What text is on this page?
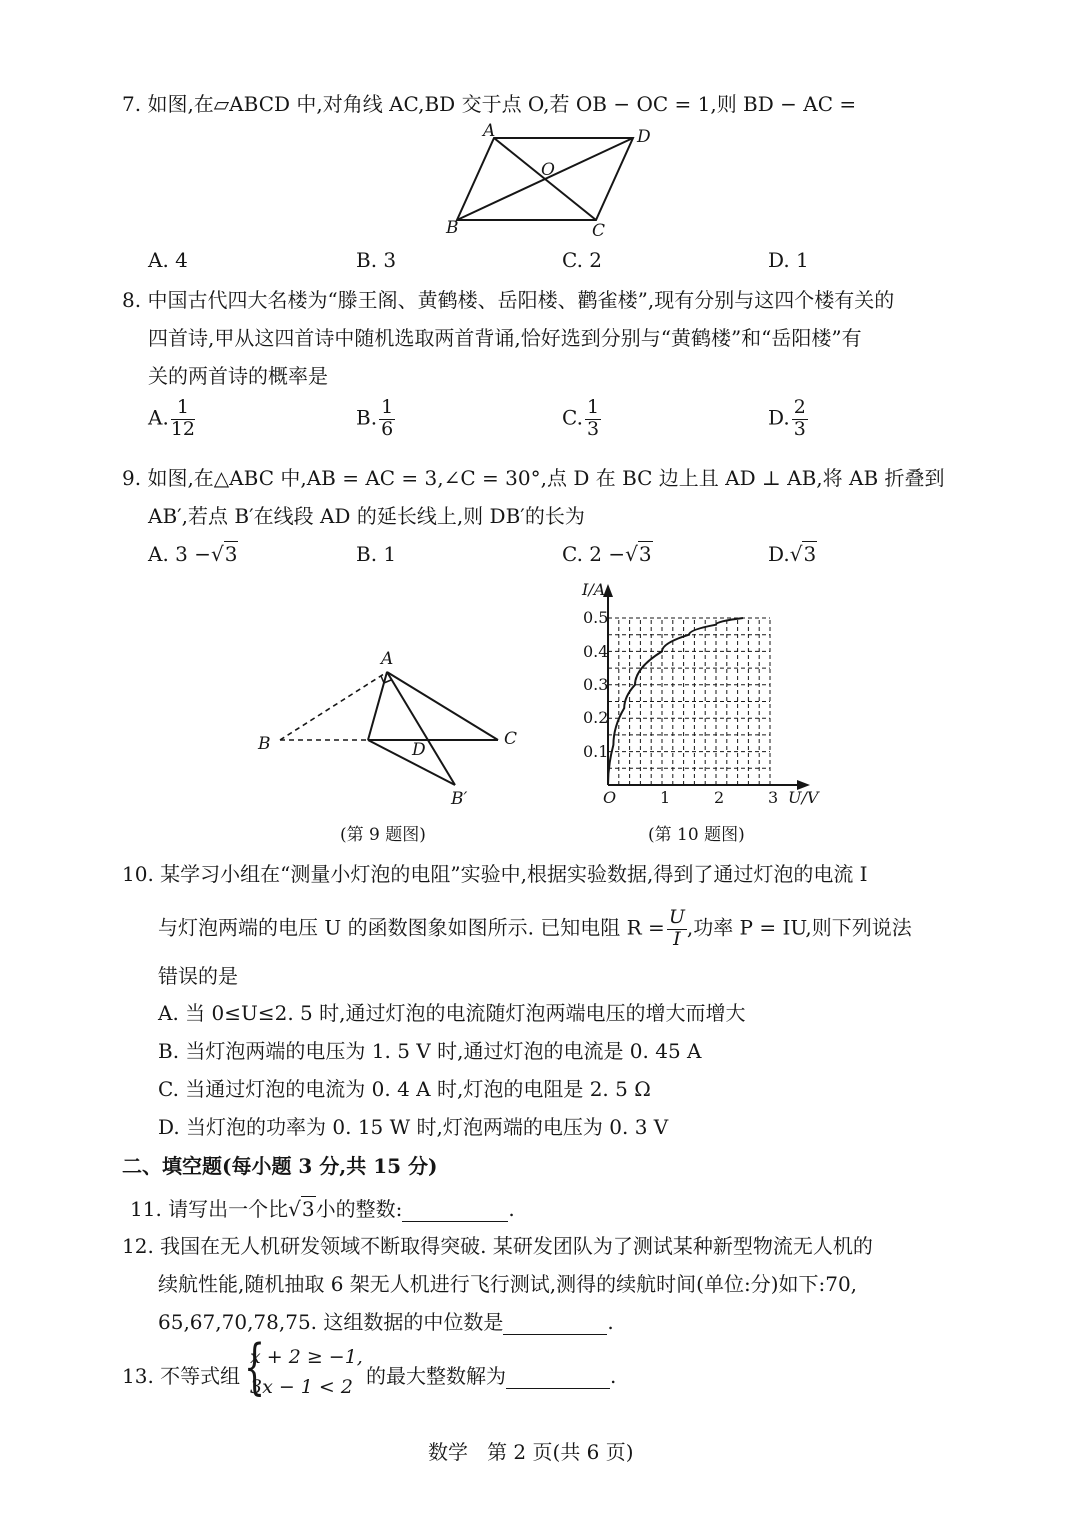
7. 如图,在▱ABCD 中,对角线 AC,BD 交于点 O,若 OB − OC = 1,则 BD − AC =
A	D
O
B	C
A. 4	B. 3	C. 2	D. 1
8. 中国古代四大名楼为“滕王阁、黄鹤楼、岳阳楼、鹳雀楼”,现有分别与这四个楼有关的
四首诗,甲从这四首诗中随机选取两首背诵,恰好选到分别与“黄鹤楼”和“岳阳楼”有
关的两首诗的概率是
A. $\frac{1}{12}$	B. $\frac{1}{6}$	C. $\frac{1}{3}$	D. $\frac{2}{3}$
9. 如图,在△ABC 中,AB = AC = 3,∠C = 30°,点 D 在 BC 边上且 AD ⊥ AB,将 AB 折叠到
AB′,若点 B′在线段 AD 的延长线上,则 DB′的长为
A. 3 −√3	B. 1	C. 2 −√3	D.√3
A
B	C
D
B′
(第 9 题图)
I/A
U/V
O
0.1
0.2
0.3
0.4
0.5
1	2	3
(第 10 题图)
10. 某学习小组在“测量小灯泡的电阻”实验中,根据实验数据,得到了通过灯泡的电流 I
与灯泡两端的电压 U 的函数图象如图所示. 已知电阻 $R = \frac{U}{I}$ ,功率 P = IU,则下列说法
错误的是
A. 当 0≤U≤2. 5 时,通过灯泡的电流随灯泡两端电压的增大而增大
B. 当灯泡两端的电压为 1. 5 V 时,通过灯泡的电流是 0. 45 A
C. 当通过灯泡的电流为 0. 4 A 时,灯泡的电阻是 2. 5 Ω
D. 当灯泡的功率为 0. 15 W 时,灯泡两端的电压为 0. 3 V
二、填空题(每小题 3 分,共 15 分)
11. 请写出一个比√3小的整数:	.
12. 我国在无人机研发领域不断取得突破. 某研发团队为了测试某种新型物流无人机的
续航性能,随机抽取 6 架无人机进行飞行测试,测得的续航时间(单位:分)如下:70,
65,67,70,78,75. 这组数据的中位数是	.
13. 不等式组 {
x + 2 ≥ −1,
3x − 1 < 2 的最大整数解为	.
数学   第 2 页(共 6 页)
